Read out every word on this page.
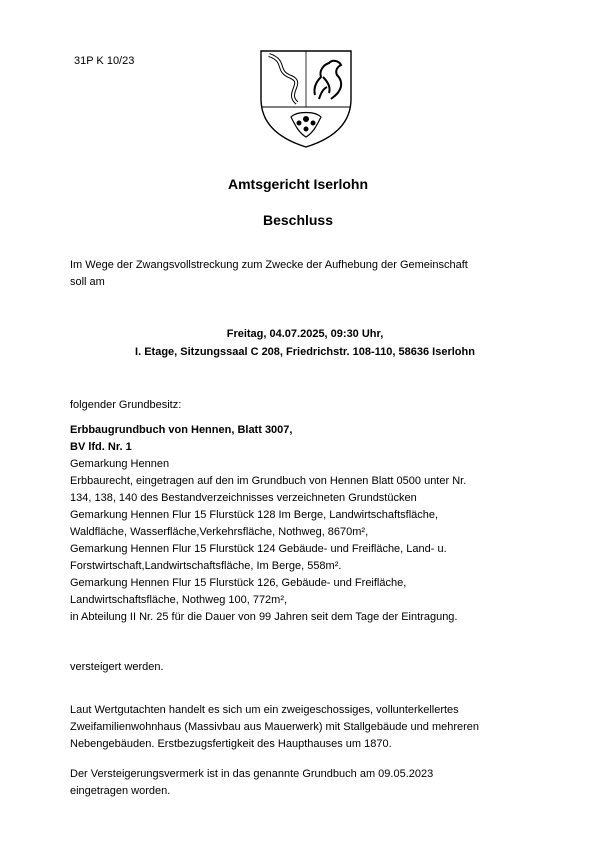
31P K 10/23
Amtsgericht Iserlohn
Beschluss
Im Wege der Zwangsvollstreckung zum Zwecke der Aufhebung der Gemeinschaft
soll am
Freitag, 04.07.2025, 09:30 Uhr,
I. Etage, Sitzungssaal C 208, Friedrichstr. 108-110, 58636 Iserlohn
folgender Grundbesitz:
Erbbaugrundbuch von Hennen, Blatt 3007,
BV lfd. Nr. 1
Gemarkung Hennen
Erbbaurecht, eingetragen auf den im Grundbuch von Hennen Blatt 0500 unter Nr.
134, 138, 140 des Bestandverzeichnisses verzeichneten Grundstücken
Gemarkung Hennen Flur 15 Flurstück 128 Im Berge, Landwirtschaftsfläche,
Waldfläche, Wasserfläche,Verkehrsfläche, Nothweg, 8670m²,
Gemarkung Hennen Flur 15 Flurstück 124 Gebäude- und Freifläche, Land- u.
Forstwirtschaft,Landwirtschaftsfläche, Im Berge, 558m².
Gemarkung Hennen Flur 15 Flurstück 126, Gebäude- und Freifläche,
Landwirtschaftsfläche, Nothweg 100, 772m²,
in Abteilung II Nr. 25 für die Dauer von 99 Jahren seit dem Tage der Eintragung.
versteigert werden.
Laut Wertgutachten handelt es sich um ein zweigeschossiges, vollunterkellertes
Zweifamilienwohnhaus (Massivbau aus Mauerwerk) mit Stallgebäude und mehreren
Nebengebäuden. Erstbezugsfertigkeit des Haupthauses um 1870.
Der Versteigerungsvermerk ist in das genannte Grundbuch am 09.05.2023
eingetragen worden.
